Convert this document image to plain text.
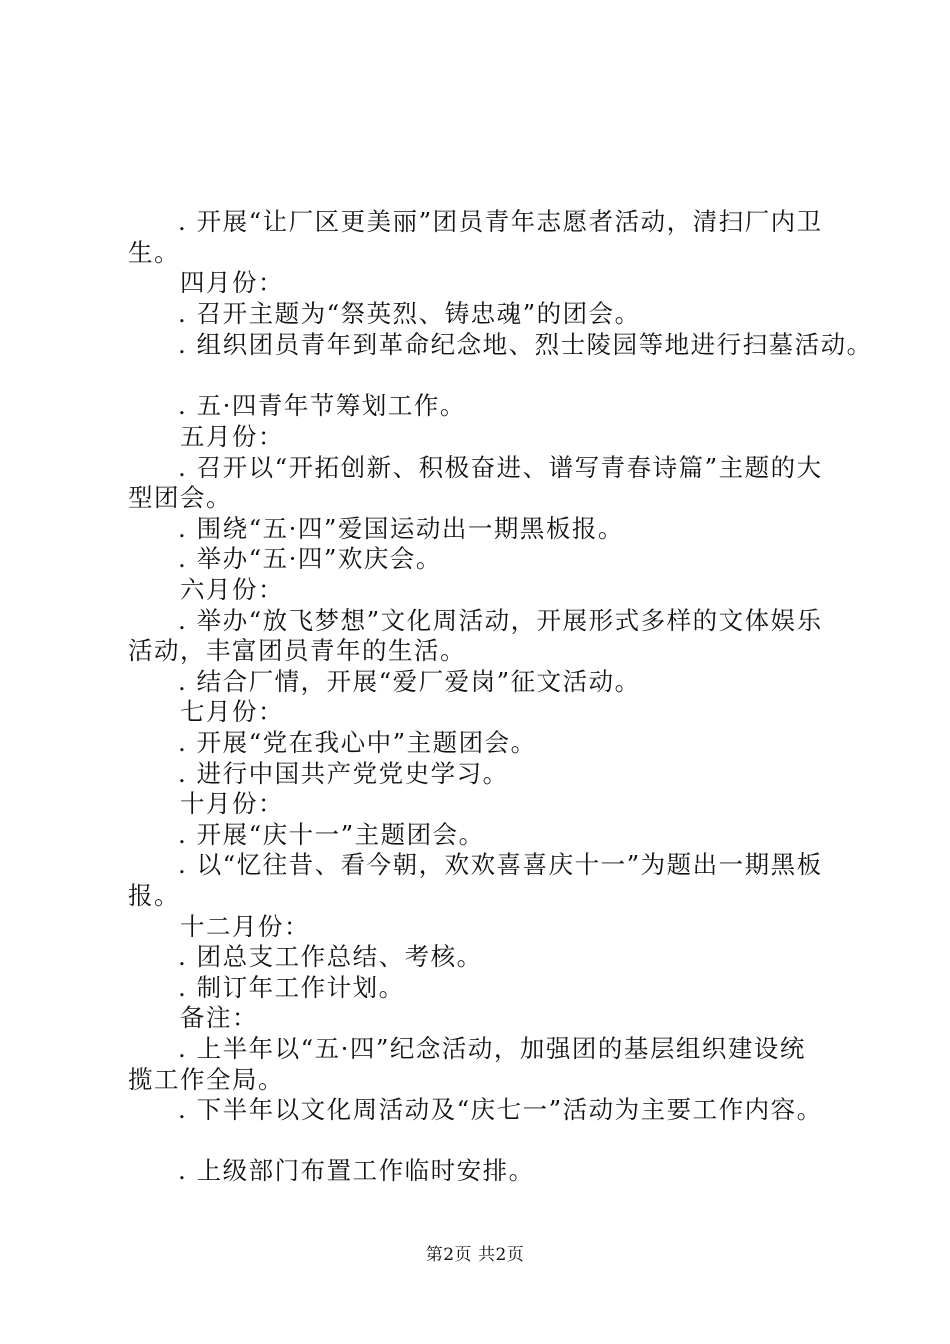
. 开展“让厂区更美丽”团员青年志愿者活动，清扫厂内卫
生。
四月份：
. 召开主题为“祭英烈、铸忠魂”的团会。
. 组织团员青年到革命纪念地、烈士陵园等地进行扫墓活动。
. 五·四青年节筹划工作。
五月份：
. 召开以“开拓创新、积极奋进、谱写青春诗篇”主题的大
型团会。
. 围绕“五·四”爱国运动出一期黑板报。
. 举办“五·四”欢庆会。
六月份：
. 举办“放飞梦想”文化周活动，开展形式多样的文体娱乐
活动，丰富团员青年的生活。
. 结合厂情，开展“爱厂爱岗”征文活动。
七月份：
. 开展“党在我心中”主题团会。
. 进行中国共产党党史学习。
十月份：
. 开展“庆十一”主题团会。
. 以“忆往昔、看今朝，欢欢喜喜庆十一”为题出一期黑板
报。
十二月份：
. 团总支工作总结、考核。
. 制订年工作计划。
备注：
. 上半年以“五·四”纪念活动，加强团的基层组织建设统
揽工作全局。
. 下半年以文化周活动及“庆七一”活动为主要工作内容。
. 上级部门布置工作临时安排。
第2页 共2页
